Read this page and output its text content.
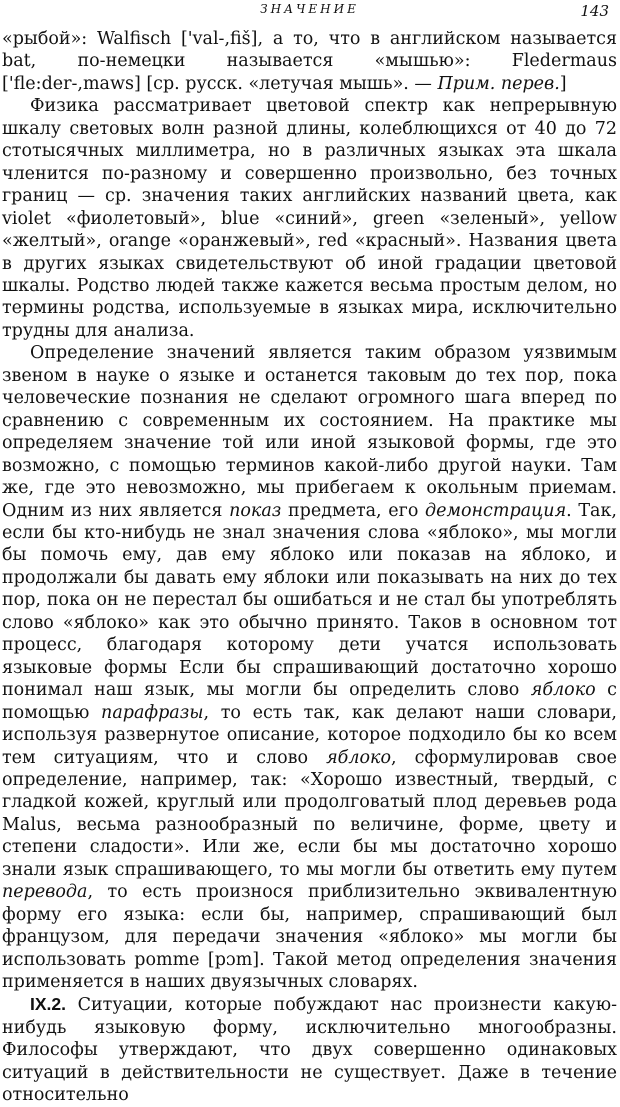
ЗНАЧЕНИЕ	143

«рыбой»: Walfisch ['val-,fiš], а то, что в английском называется bat, по-немецки называется «мышью»: Fledermaus ['fle:der-,maws] [ср. русск. «летучая мышь». — Прим. перев.]

Физика рассматривает цветовой спектр как непрерывную шкалу световых волн разной длины, колеблющихся от 40 до 72 стотысячных миллиметра, но в различных языках эта шкала членится по-разному и совершенно произвольно, без точных границ — ср. значения таких английских названий цвета, как violet «фиолетовый», blue «синий», green «зеленый», yellow «желтый», orange «оранжевый», red «красный». Названия цвета в других языках свидетельствуют об иной градации цветовой шкалы. Родство людей также кажется весьма простым делом, но термины родства, используемые в языках мира, исключительно трудны для анализа.

Определение значений является таким образом уязвимым звеном в науке о языке и останется таковым до тех пор, пока человеческие познания не сделают огромного шага вперед по сравнению с современным их состоянием. На практике мы определяем значение той или иной языковой формы, где это возможно, с помощью терминов какой-либо другой науки. Там же, где это невозможно, мы прибегаем к окольным приемам. Одним из них является показ предмета, его демонстрация. Так, если бы кто-нибудь не знал значения слова «яблоко», мы могли бы помочь ему, дав ему яблоко или показав на яблоко, и продолжали бы давать ему яблоки или показывать на них до тех пор, пока он не перестал бы ошибаться и не стал бы употреблять слово «яблоко» как это обычно принято. Таков в основном тот процесс, благодаря которому дети учатся использовать языковые формы Если бы спрашивающий достаточно хорошо понимал наш язык, мы могли бы определить слово яблоко с помощью парафразы, то есть так, как делают наши словари, используя развернутое описание, которое подходило бы ко всем тем ситуациям, что и слово яблоко, сформулировав свое определение, например, так: «Хорошо известный, твердый, с гладкой кожей, круглый или продолговатый плод деревьев рода Malus, весьма разнообразный по величине, форме, цвету и степени сладости». Или же, если бы мы достаточно хорошо знали язык спрашивающего, то мы могли бы ответить ему путем перевода, то есть произнося приблизительно эквивалентную форму его языка: если бы, например, спрашивающий был французом, для передачи значения «яблоко» мы могли бы использовать pomme [pɔm]. Такой метод определения значения применяется в наших двуязычных словарях.

IX.2. Ситуации, которые побуждают нас произнести какую-нибудь языковую форму, исключительно многообразны. Философы утверждают, что двух совершенно одинаковых ситуаций в действительности не существует. Даже в течение относительно
